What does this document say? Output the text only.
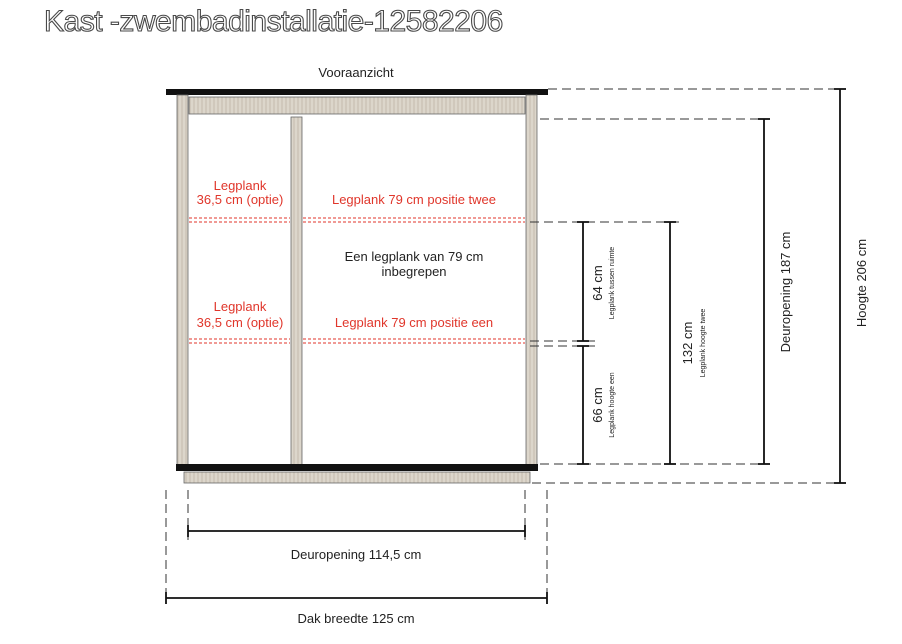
Kast -zwembadinstallatie-12582206
Vooraanzicht
Legplank
36,5 cm (optie)	Legplank 79 cm positie twee
Een legplank van 79 cm
inbegrepen
Legplank
36,5 cm (optie)	Legplank 79 cm positie een
64 cm Legplank tussen ruimte
66 cm Legplank hoogte een
132 cm Legplank hoogte twee	Deuropening 187 cm	Hoogte 206 cm
Deuropening 114,5 cm
Dak breedte 125 cm
